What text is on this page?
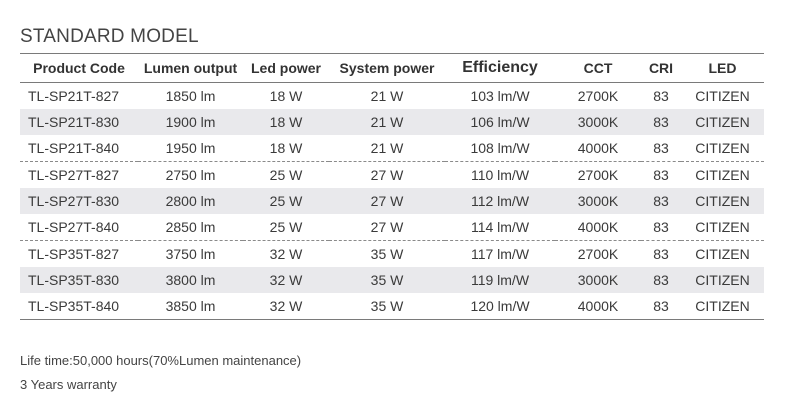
STANDARD MODEL
Product Code	Lumen output	Led power	System power	Efficiency	CCT	CRI	LED
TL-SP21T-827	1850 lm	18 W	21 W	103 lm/W	2700K	83	CITIZEN
TL-SP21T-830	1900 lm	18 W	21 W	106 lm/W	3000K	83	CITIZEN
TL-SP21T-840	1950 lm	18 W	21 W	108 lm/W	4000K	83	CITIZEN
TL-SP27T-827	2750 lm	25 W	27 W	110 lm/W	2700K	83	CITIZEN
TL-SP27T-830	2800 lm	25 W	27 W	112 lm/W	3000K	83	CITIZEN
TL-SP27T-840	2850 lm	25 W	27 W	114 lm/W	4000K	83	CITIZEN
TL-SP35T-827	3750 lm	32 W	35 W	117 lm/W	2700K	83	CITIZEN
TL-SP35T-830	3800 lm	32 W	35 W	119 lm/W	3000K	83	CITIZEN
TL-SP35T-840	3850 lm	32 W	35 W	120 lm/W	4000K	83	CITIZEN
Life time:50,000 hours(70%Lumen maintenance)
3 Years warranty
